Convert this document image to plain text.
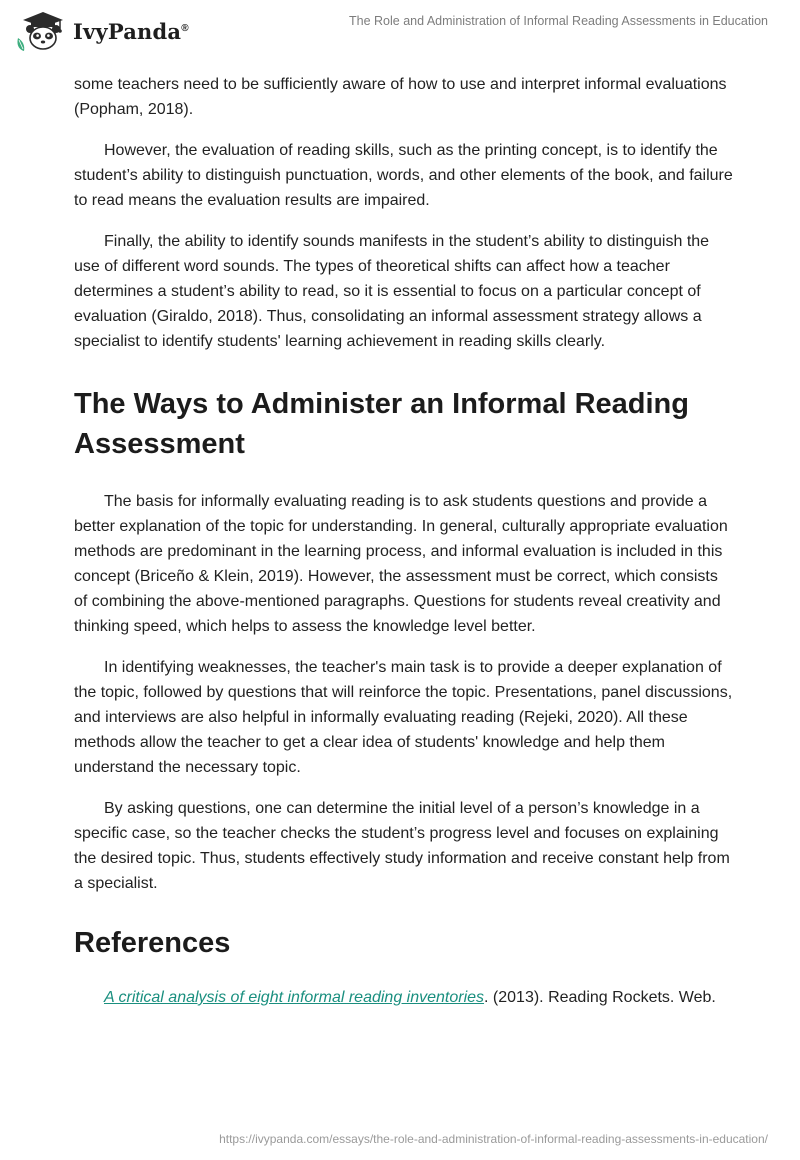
IvyPanda®	The Role and Administration of Informal Reading Assessments in Education

some teachers need to be sufficiently aware of how to use and interpret informal evaluations (Popham, 2018).

However, the evaluation of reading skills, such as the printing concept, is to identify the student’s ability to distinguish punctuation, words, and other elements of the book, and failure to read means the evaluation results are impaired.

Finally, the ability to identify sounds manifests in the student’s ability to distinguish the use of different word sounds. The types of theoretical shifts can affect how a teacher determines a student’s ability to read, so it is essential to focus on a particular concept of evaluation (Giraldo, 2018). Thus, consolidating an informal assessment strategy allows a specialist to identify students' learning achievement in reading skills clearly.

The Ways to Administer an Informal Reading Assessment

The basis for informally evaluating reading is to ask students questions and provide a better explanation of the topic for understanding. In general, culturally appropriate evaluation methods are predominant in the learning process, and informal evaluation is included in this concept (Briceño & Klein, 2019). However, the assessment must be correct, which consists of combining the above-mentioned paragraphs. Questions for students reveal creativity and thinking speed, which helps to assess the knowledge level better.

In identifying weaknesses, the teacher's main task is to provide a deeper explanation of the topic, followed by questions that will reinforce the topic. Presentations, panel discussions, and interviews are also helpful in informally evaluating reading (Rejeki, 2020). All these methods allow the teacher to get a clear idea of students' knowledge and help them understand the necessary topic.

By asking questions, one can determine the initial level of a person’s knowledge in a specific case, so the teacher checks the student’s progress level and focuses on explaining the desired topic. Thus, students effectively study information and receive constant help from a specialist.

References

A critical analysis of eight informal reading inventories. (2013). Reading Rockets. Web.

https://ivypanda.com/essays/the-role-and-administration-of-informal-reading-assessments-in-education/
